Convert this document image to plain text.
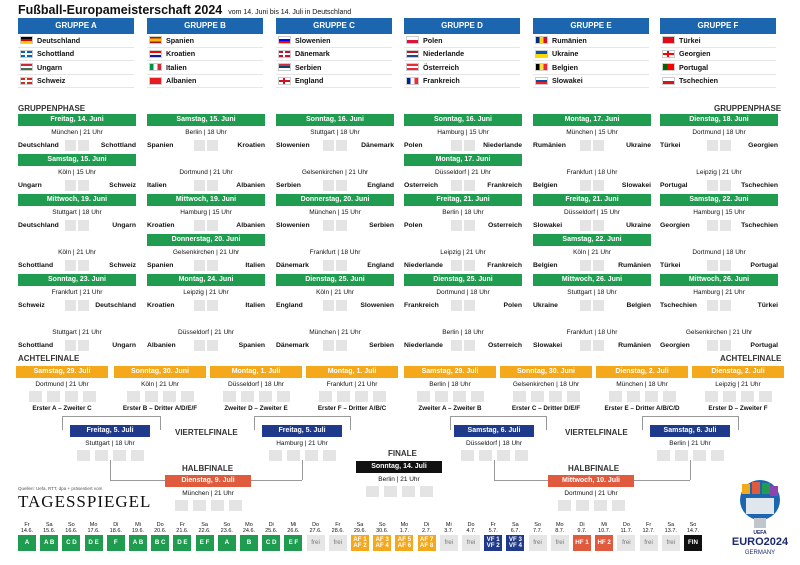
Fußball-Europameisterschaft 2024 vom 14. Juni bis 14. Juli in Deutschland
GRUPPE A
Deutschland
Schottland
Ungarn
Schweiz
GRUPPE B
Spanien
Kroatien
Italien
Albanien
GRUPPE C
Slowenien
Dänemark
Serbien
England
GRUPPE D
Polen
Niederlande
Österreich
Frankreich
GRUPPE E
Rumänien
Ukraine
Belgien
Slowakei
GRUPPE F
Türkei
Georgien
Portugal
Tschechien
GRUPPENPHASE	GRUPPENPHASE
Freitag, 14. Juni
München | 21 Uhr
Deutschland	Schottland
Samstag, 15. Juni
Köln | 15 Uhr
Ungarn	Schweiz
Mittwoch, 19. Juni
Stuttgart | 18 Uhr
Deutschland	Ungarn
Köln | 21 Uhr
Schottland	Schweiz
Sonntag, 23. Juni
Frankfurt | 21 Uhr
Schweiz	Deutschland
Stuttgart | 21 Uhr
Schottland	Ungarn
Samstag, 15. Juni
Berlin | 18 Uhr
Spanien	Kroatien
Dortmund | 21 Uhr
Italien	Albanien
Mittwoch, 19. Juni
Hamburg | 15 Uhr
Kroatien	Albanien
Donnerstag, 20. Juni
Gelsenkirchen | 21 Uhr
Spanien	Italien
Montag, 24. Juni
Leipzig | 21 Uhr
Kroatien	Italien
Düsseldorf | 21 Uhr
Albanien	Spanien
Sonntag, 16. Juni
Stuttgart | 18 Uhr
Slowenien	Dänemark
Gelsenkirchen | 21 Uhr
Serbien	England
Donnerstag, 20. Juni
München | 15 Uhr
Slowenien	Serbien
Frankfurt | 18 Uhr
Dänemark	England
Dienstag, 25. Juni
Köln | 21 Uhr
England	Slowenien
München | 21 Uhr
Dänemark	Serbien
Sonntag, 16. Juni
Hamburg | 15 Uhr
Polen	Niederlande
Montag, 17. Juni
Düsseldorf | 21 Uhr
Österreich	Frankreich
Freitag, 21. Juni
Berlin | 18 Uhr
Polen	Österreich
Leipzig | 21 Uhr
Niederlande	Frankreich
Dienstag, 25. Juni
Dortmund | 18 Uhr
Frankreich	Polen
Berlin | 18 Uhr
Niederlande	Österreich
Montag, 17. Juni
München | 15 Uhr
Rumänien	Ukraine
Frankfurt | 18 Uhr
Belgien	Slowakei
Freitag, 21. Juni
Düsseldorf | 15 Uhr
Slowakei	Ukraine
Samstag, 22. Juni
Köln | 21 Uhr
Belgien	Rumänien
Mittwoch, 26. Juni
Stuttgart | 18 Uhr
Ukraine	Belgien
Frankfurt | 18 Uhr
Slowakei	Rumänien
Dienstag, 18. Juni
Dortmund | 18 Uhr
Türkei	Georgien
Leipzig | 21 Uhr
Portugal	Tschechien
Samstag, 22. Juni
Hamburg | 15 Uhr
Georgien	Tschechien
Dortmund | 18 Uhr
Türkei	Portugal
Mittwoch, 26. Juni
Hamburg | 21 Uhr
Tschechien	Türkei
Gelsenkirchen | 21 Uhr
Georgien	Portugal
ACHTELFINALE	ACHTELFINALE
VIERTELFINALE	VIERTELFINALE
HALBFINALE	HALBFINALE
FINALE
Samstag, 29. Juli
Dortmund | 21 Uhr
Erster A – Zweiter C
Sonntag, 30. Juni
Köln | 21 Uhr
Erster B – Dritter A/D/E/F
Montag, 1. Juli
Düsseldorf | 18 Uhr
Zweiter D – Zweiter E
Montag, 1. Juli
Frankfurt | 21 Uhr
Erster F – Dritter A/B/C
Samstag, 29. Juli
Berlin | 18 Uhr
Zweiter A – Zweiter B
Sonntag, 30. Juni
Gelsenkirchen | 18 Uhr
Erster C – Dritter D/E/F
Dienstag, 2. Juli
München | 18 Uhr
Erster E – Dritter A/B/C/D
Dienstag, 2. Juli
Leipzig | 21 Uhr
Erster D – Zweiter F
Freitag, 5. Juli
Stuttgart | 18 Uhr
Freitag, 5. Juli
Hamburg | 21 Uhr
Samstag, 6. Juli
Düsseldorf | 18 Uhr
Samstag, 6. Juli
Berlin | 21 Uhr
Dienstag, 9. Juli
München | 21 Uhr
Mittwoch, 10. Juli
Dortmund | 21 Uhr
Sonntag, 14. Juli
Berlin | 21 Uhr
Quellen: Uefa, RTT, dpa + präsentiert vom
TAGESSPIEGEL
UEFA
EURO2024
GERMANY
Fr
14.6.
A
Sa
15.6.
A B
So
16.6.
C D
Mo
17.6.
D E
Di
18.6.
F
Mi
19.6.
A B
Do
20.6.
B C
Fr
21.6.
D E
Sa
22.6.
E F
So
23.6.
A
Mo
24.6.
B
Di
25.6.
C D
Mi
26.6.
E F
Do
27.6.
frei
Fr
28.6.
frei
Sa
29.6.
AF 1 AF 2
So
30.6.
AF 3 AF 4
Mo
1.7.
AF 5 AF 6
Di
2.7.
AF 7 AF 8
Mi
3.7.
frei
Do
4.7.
frei
Fr
5.7.
VF 1 VF 2
Sa
6.7.
VF 3 VF 4
So
7.7.
frei
Mo
8.7.
frei
Di
9.7.
HF 1
Mi
10.7.
HF 2
Do
11.7.
frei
Fr
12.7.
frei
Sa
13.7.
frei
So
14.7.
FIN
